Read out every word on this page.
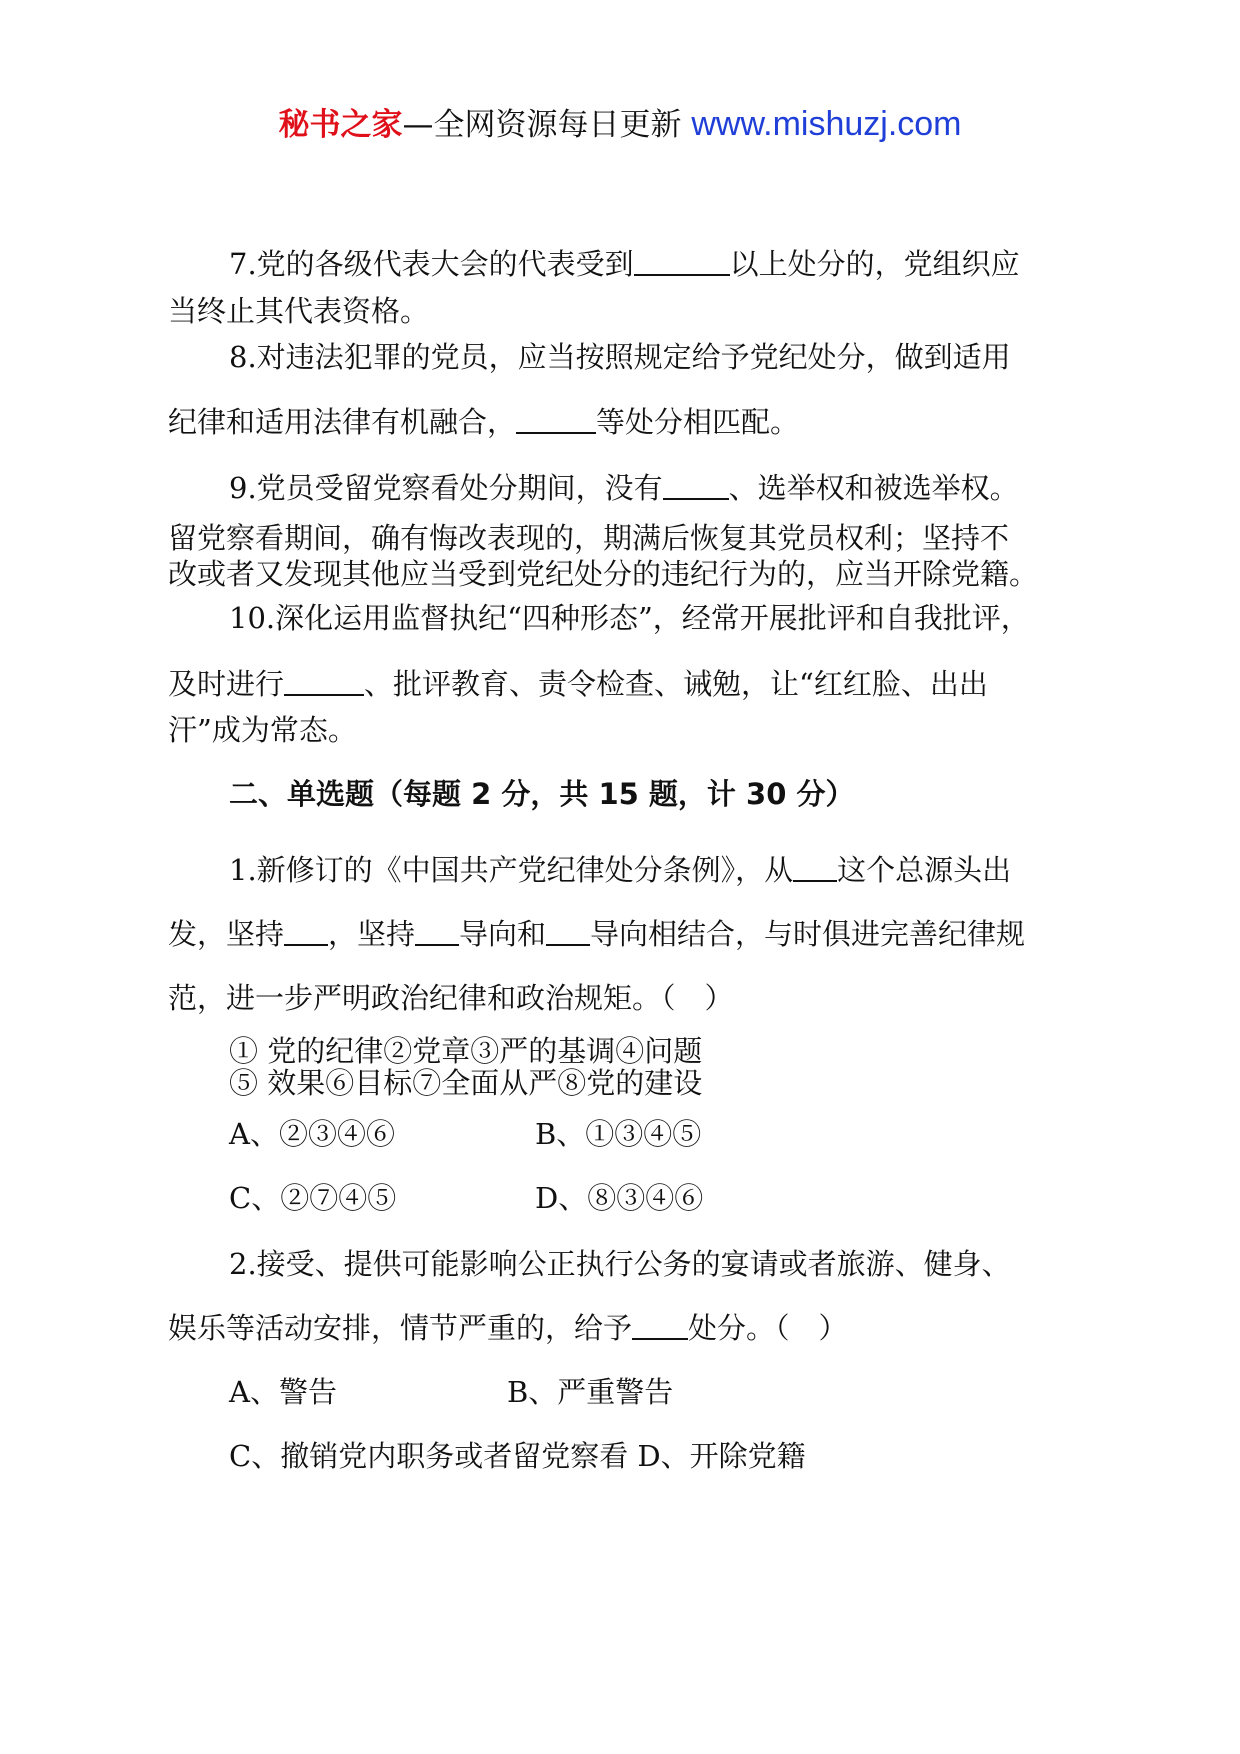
秘书之家—全网资源每日更新 www.mishuzj.com
7.党的各级代表大会的代表受到	以上处分的，党组织应
当终止其代表资格。
8.对违法犯罪的党员，应当按照规定给予党纪处分，做到适用
纪律和适用法律有机融合，	等处分相匹配。
9.党员受留党察看处分期间，没有 、选举权和被选举权。
留党察看期间，确有悔改表现的，期满后恢复其党员权利；坚持不
改或者又发现其他应当受到党纪处分的违纪行为的，应当开除党籍。
10.深化运用监督执纪“四种形态”，经常开展批评和自我批评，
及时进行	、批评教育、责令检查、诫勉，让“红红脸、出出
汗”成为常态。
二、单选题（每题 2 分，共 15 题，计 30 分）
1.新修订的《中国共产党纪律处分条例》，从 这个总源头出
发，坚持 ，坚持 导向和 导向相结合，与时俱进完善纪律规
范，进一步严明政治纪律和政治规矩。（　）
① 党的纪律②党章③严的基调④问题
⑤ 效果⑥目标⑦全面从严⑧党的建设
A、②③④⑥	B、①③④⑤
C、②⑦④⑤	D、⑧③④⑥
2.接受、提供可能影响公正执行公务的宴请或者旅游、健身、
娱乐等活动安排，情节严重的，给予 处分。（　）
A、警告	B、严重警告
C、撤销党内职务或者留党察看 D、开除党籍
